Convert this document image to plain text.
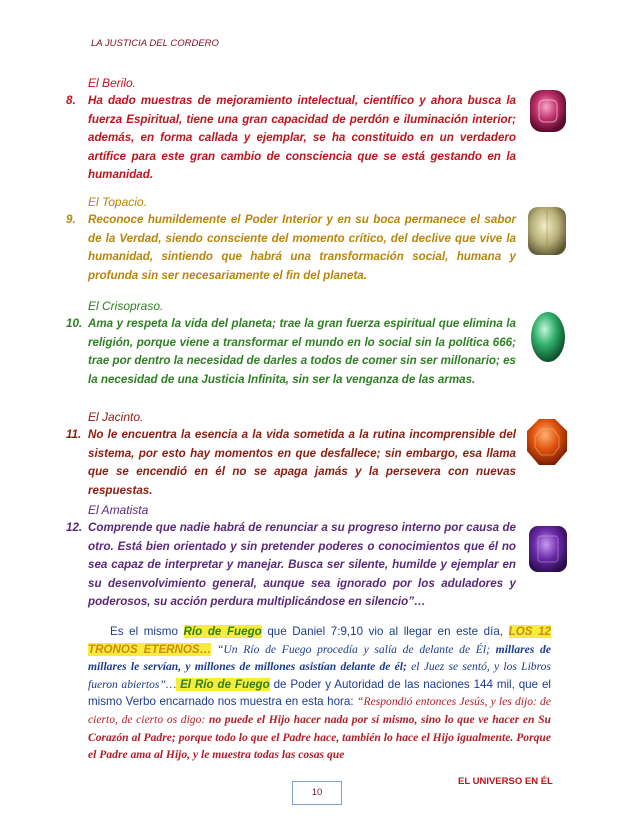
LA JUSTICIA DEL CORDERO
El Berilo.
8.	Ha dado muestras de mejoramiento intelectual, científico y ahora busca la fuerza Espiritual, tiene una gran capacidad de perdón e iluminación interior; además, en forma callada y ejemplar, se ha constituido en un verdadero artífice para este gran cambio de consciencia que se está gestando en la humanidad.
El Topacio.
9.	Reconoce humildemente el Poder Interior y en su boca permanece el sabor de la Verdad, siendo consciente del momento crítico, del declive que vive la humanidad, sintiendo que habrá una transformación social, humana y profunda sin ser necesariamente el fin del planeta.
El Crisopraso.
10. Ama y respeta la vida del planeta; trae la gran fuerza espiritual que elimina la religión, porque viene a transformar el mundo en lo social sin la política 666; trae por dentro la necesidad de darles a todos de comer sin ser millonario; es la necesidad de una Justicia Infinita, sin ser la venganza de las armas.
El Jacinto.
11. No le encuentra la esencia a la vida sometida a la rutina incomprensible del sistema, por esto hay momentos en que desfallece; sin embargo, esa llama que se encendió en él no se apaga jamás y la persevera con nuevas respuestas.
El Amatista
12. Comprende que nadie habrá de renunciar a su progreso interno por causa de otro. Está bien orientado y sin pretender poderes o conocimientos que él no sea capaz de interpretar y manejar. Busca ser silente, humilde y ejemplar en su desenvolvimiento general, aunque sea ignorado por los aduladores y poderosos, su acción perdura multiplicándose en silencio”…
Es el mismo Río de Fuego que Daniel 7:9,10 vio al llegar en este día, LOS 12 TRONOS ETERNOS… “Un Río de Fuego procedía y salía de delante de Él; millares de millares le servían, y millones de millones asistían delante de él; el Juez se sentó, y los Libros fueron abiertos”… El Río de Fuego de Poder y Autoridad de las naciones 144 mil, que el mismo Verbo encarnado nos muestra en esta hora: “Respondió entonces Jesús, y les dijo: de cierto, de cierto os digo: no puede el Hijo hacer nada por sí mismo, sino lo que ve hacer en Su Corazón al Padre; porque todo lo que el Padre hace, también lo hace el Hijo igualmente. Porque el Padre ama al Hijo, y le muestra todas las cosas que
EL UNIVERSO EN ÉL
10
